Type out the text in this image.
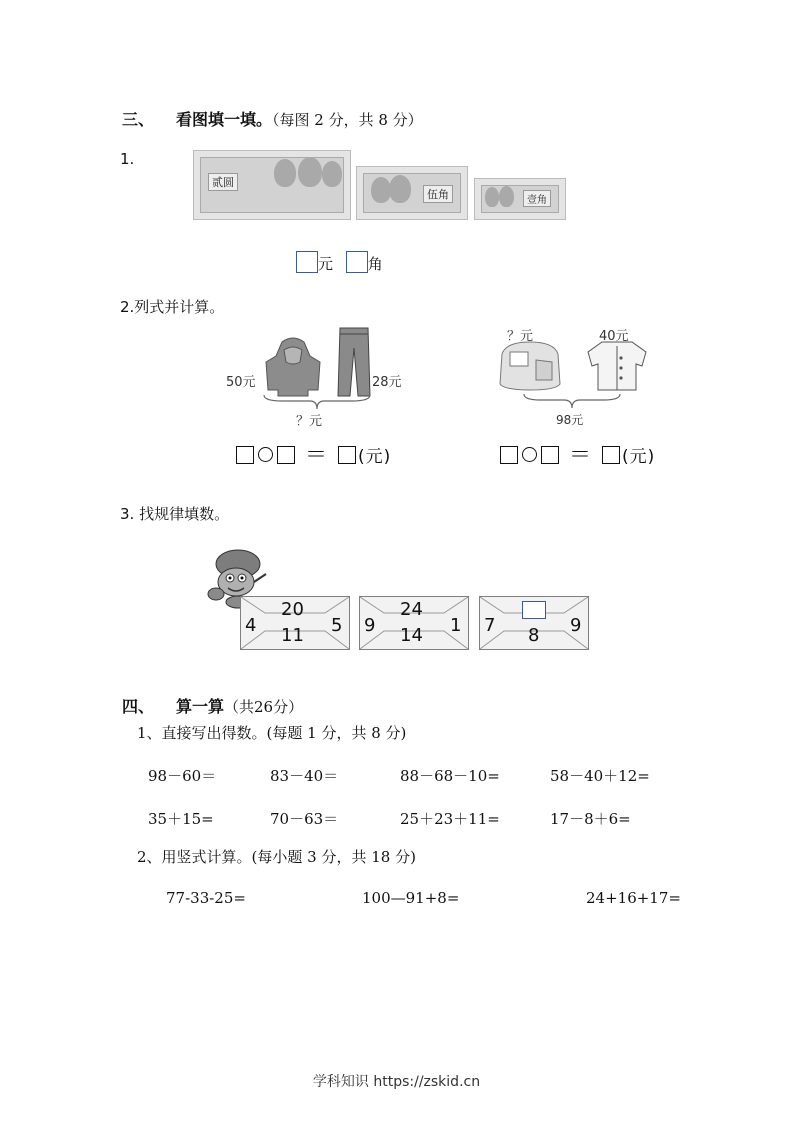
三、 看图填一填。（每图 2 分，共 8 分）
1.
贰圆
伍角	壹角
元 角
2.列式并计算。
50元	28元
？元
＝ (元)
？元	40元
98元
＝ (元)
3. 找规律填数。
20
4	5
11
24
9	1
14	7	9
8
四、 算一算（共26分）
1、直接写出得数。(每题 1 分，共 8 分)
98－60＝	83－40＝	88－68－10=	58－40＋12=
35＋15=	70－63＝	25＋23＋11=	17－8＋6=
2、用竖式计算。(每小题 3 分，共 18 分)
77-33-25=	100—91+8=	24+16+17=
学科知识 https://zskid.cn
